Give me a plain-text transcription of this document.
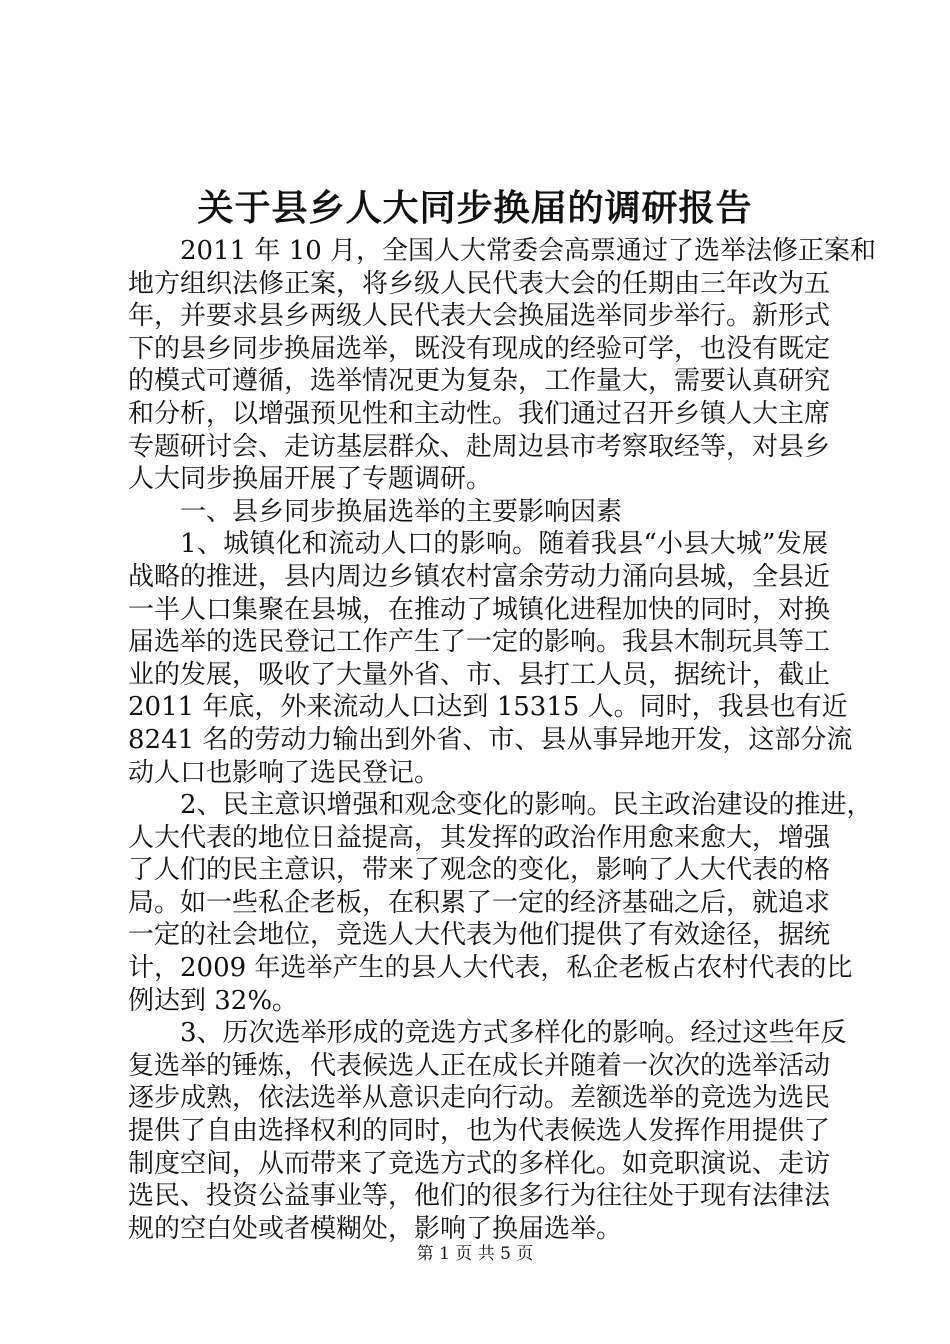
关于县乡人大同步换届的调研报告
2011 年 10 月，全国人大常委会高票通过了选举法修正案和
地方组织法修正案，将乡级人民代表大会的任期由三年改为五
年，并要求县乡两级人民代表大会换届选举同步举行。新形式
下的县乡同步换届选举，既没有现成的经验可学，也没有既定
的模式可遵循，选举情况更为复杂，工作量大，需要认真研究
和分析，以增强预见性和主动性。我们通过召开乡镇人大主席
专题研讨会、走访基层群众、赴周边县市考察取经等，对县乡
人大同步换届开展了专题调研。
一、县乡同步换届选举的主要影响因素
1、城镇化和流动人口的影响。随着我县“小县大城”发展
战略的推进，县内周边乡镇农村富余劳动力涌向县城，全县近
一半人口集聚在县城，在推动了城镇化进程加快的同时，对换
届选举的选民登记工作产生了一定的影响。我县木制玩具等工
业的发展，吸收了大量外省、市、县打工人员，据统计，截止
2011 年底，外来流动人口达到 15315 人。同时，我县也有近
8241 名的劳动力输出到外省、市、县从事异地开发，这部分流
动人口也影响了选民登记。
2、民主意识增强和观念变化的影响。民主政治建设的推进，
人大代表的地位日益提高，其发挥的政治作用愈来愈大，增强
了人们的民主意识，带来了观念的变化，影响了人大代表的格
局。如一些私企老板，在积累了一定的经济基础之后，就追求
一定的社会地位，竞选人大代表为他们提供了有效途径，据统
计，2009 年选举产生的县人大代表，私企老板占农村代表的比
例达到 32%。
3、历次选举形成的竞选方式多样化的影响。经过这些年反
复选举的锤炼，代表候选人正在成长并随着一次次的选举活动
逐步成熟，依法选举从意识走向行动。差额选举的竞选为选民
提供了自由选择权利的同时，也为代表候选人发挥作用提供了
制度空间，从而带来了竞选方式的多样化。如竞职演说、走访
选民、投资公益事业等，他们的很多行为往往处于现有法律法
规的空白处或者模糊处，影响了换届选举。
第 1 页 共 5 页
